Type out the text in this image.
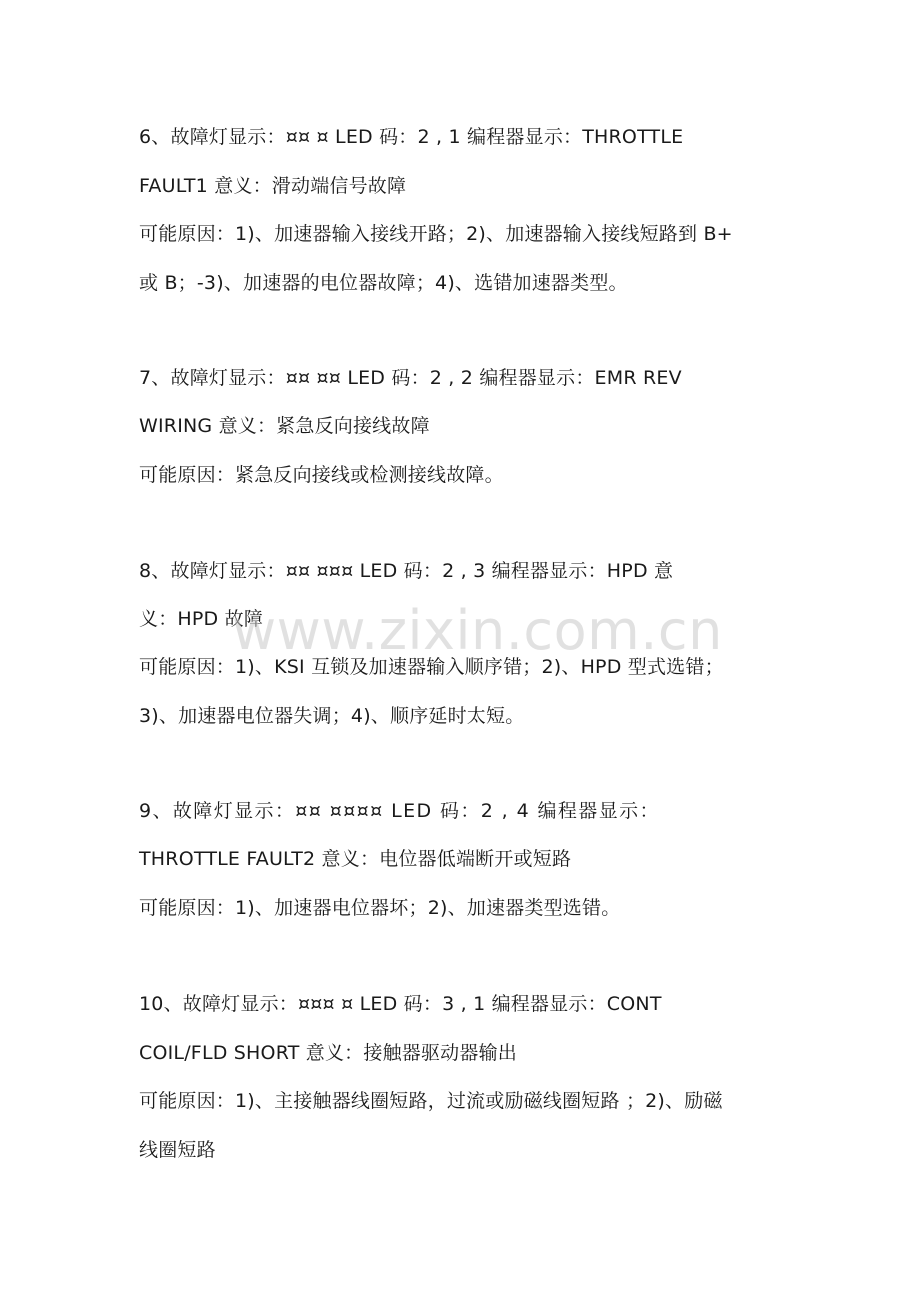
6、故障灯显示：¤¤ ¤ LED 码：2 , 1 编程器显示：THROTTLE
FAULT1 意义：滑动端信号故障
可能原因：1)、加速器输入接线开路；2)、加速器输入接线短路到 B+
或 B；-3)、加速器的电位器故障；4)、选错加速器类型。
7、故障灯显示：¤¤ ¤¤ LED 码：2 , 2 编程器显示：EMR REV
WIRING 意义：紧急反向接线故障
可能原因：紧急反向接线或检测接线故障。
8、故障灯显示：¤¤ ¤¤¤ LED 码：2 , 3 编程器显示：HPD 意
义：HPD 故障
可能原因：1)、KSI 互锁及加速器输入顺序错；2)、HPD 型式选错；
3)、加速器电位器失调；4)、顺序延时太短。
9、故障灯显示：¤¤ ¤¤¤¤ LED 码：2 , 4 编程器显示：
THROTTLE FAULT2 意义：电位器低端断开或短路
可能原因：1)、加速器电位器坏；2)、加速器类型选错。
10、故障灯显示：¤¤¤ ¤ LED 码：3 , 1 编程器显示：CONT
COIL/FLD SHORT 意义：接触器驱动器输出
可能原因：1)、主接触器线圈短路，过流或励磁线圈短路 ；2)、励磁
线圈短路
www.zixin.com.cn
